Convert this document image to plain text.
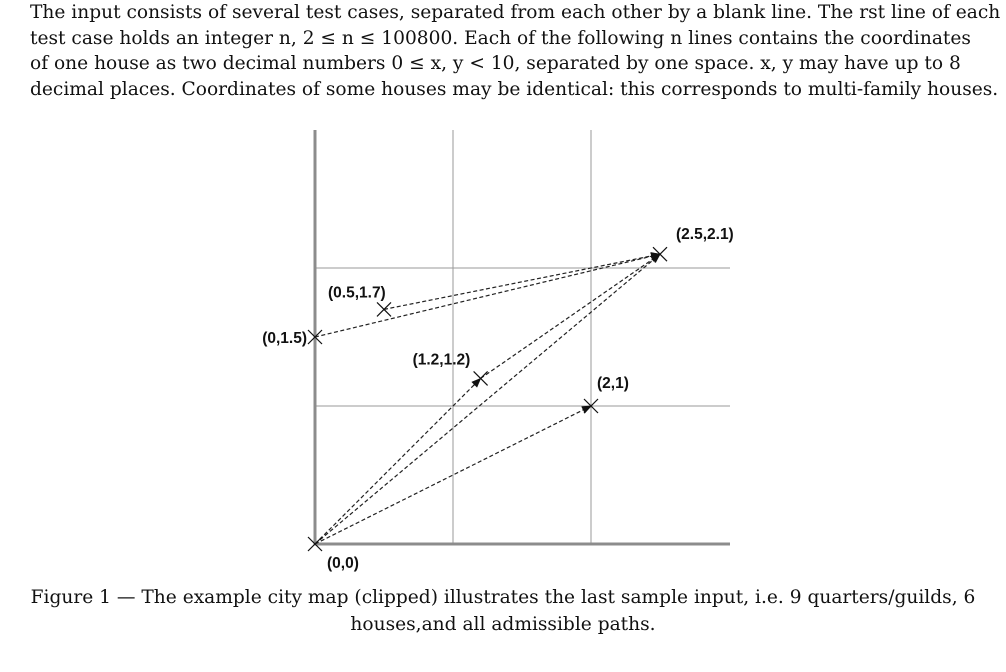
The input consists of several test cases, separated from each other by a blank line. The rst line of each
test case holds an integer n, 2 ≤ n ≤ 100800. Each of the following n lines contains the coordinates
of one house as two decimal numbers 0 ≤ x, y < 10, separated by one space. x, y may have up to 8
decimal places. Coordinates of some houses may be identical: this corresponds to multi-family houses.
(0,0)
(0,1.5)
(0.5,1.7)
(1.2,1.2)
(2,1)
(2.5,2.1)
Figure 1 — The example city map (clipped) illustrates the last sample input, i.e. 9 quarters/guilds, 6
houses,and all admissible paths.
